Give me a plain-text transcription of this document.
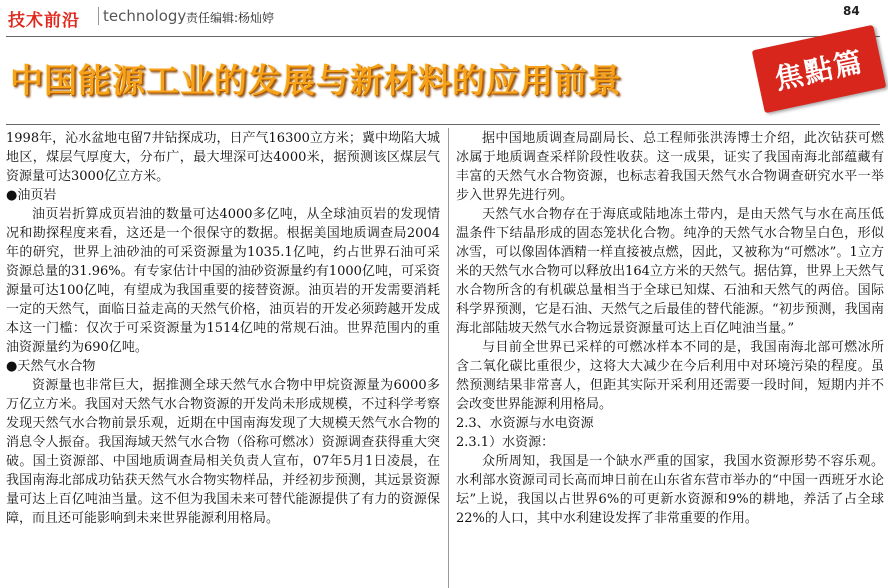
技术前沿	technology 责任编辑:杨灿婷	84
中国能源工业的发展与新材料的应用前景	焦點篇

1998年，沁水盆地屯留7井钻探成功，日产气16300立方米；冀中坳陷大城地区，煤层气厚度大，分布广，最大埋深可达4000米，据预测该区煤层气资源量可达3000亿立方米。

●油页岩

油页岩折算成页岩油的数量可达4000多亿吨，从全球油页岩的发现情况和勘探程度来看，这还是一个很保守的数据。根据美国地质调查局2004年的研究，世界上油砂油的可采资源量为1035.1亿吨，约占世界石油可采资源总量的31.96%。有专家估计中国的油砂资源量约有1000亿吨，可采资源量可达100亿吨，有望成为我国重要的接替资源。油页岩的开发需要消耗一定的天然气，面临日益走高的天然气价格，油页岩的开发必须跨越开发成本这一门槛：仅次于可采资源量为1514亿吨的常规石油。世界范围内的重油资源量约为690亿吨。

●天然气水合物

资源量也非常巨大，据推测全球天然气水合物中甲烷资源量为6000多万亿立方米。我国对天然气水合物资源的开发尚未形成规模，不过科学考察发现天然气水合物前景乐观，近期在中国南海发现了大规模天然气水合物的消息令人振奋。我国海域天然气水合物（俗称可燃冰）资源调查获得重大突破。国土资源部、中国地质调查局相关负责人宣布，07年5月1日凌晨，在我国南海北部成功钻获天然气水合物实物样品，并经初步预测，其远景资源量可达上百亿吨油当量。这不但为我国未来可替代能源提供了有力的资源保障，而且还可能影响到未来世界能源利用格局。

据中国地质调查局副局长、总工程师张洪涛博士介绍，此次钻获可燃冰属于地质调查采样阶段性收获。这一成果，证实了我国南海北部蕴藏有丰富的天然气水合物资源，也标志着我国天然气水合物调查研究水平一举步入世界先进行列。

天然气水合物存在于海底或陆地冻土带内，是由天然气与水在高压低温条件下结晶形成的固态笼状化合物。纯净的天然气水合物呈白色，形似冰雪，可以像固体酒精一样直接被点燃，因此，又被称为“可燃冰”。1立方米的天然气水合物可以释放出164立方米的天然气。据估算，世界上天然气水合物所含的有机碳总量相当于全球已知煤、石油和天然气的两倍。国际科学界预测，它是石油、天然气之后最佳的替代能源。“初步预测，我国南海北部陆坡天然气水合物远景资源量可达上百亿吨油当量。”

与目前全世界已采样的可燃冰样本不同的是，我国南海北部可燃冰所含二氧化碳比重很少，这将大大减少在今后利用中对环境污染的程度。虽然预测结果非常喜人，但距其实际开采利用还需要一段时间，短期内并不会改变世界能源利用格局。

2.3、水资源与水电资源

2.3.1）水资源：

众所周知，我国是一个缺水严重的国家，我国水资源形势不容乐观。水利部水资源司司长高而坤日前在山东省东营市举办的“中国一西班牙水论坛”上说，我国以占世界6%的可更新水资源和9%的耕地，养活了占全球22%的人口，其中水利建设发挥了非常重要的作用。
